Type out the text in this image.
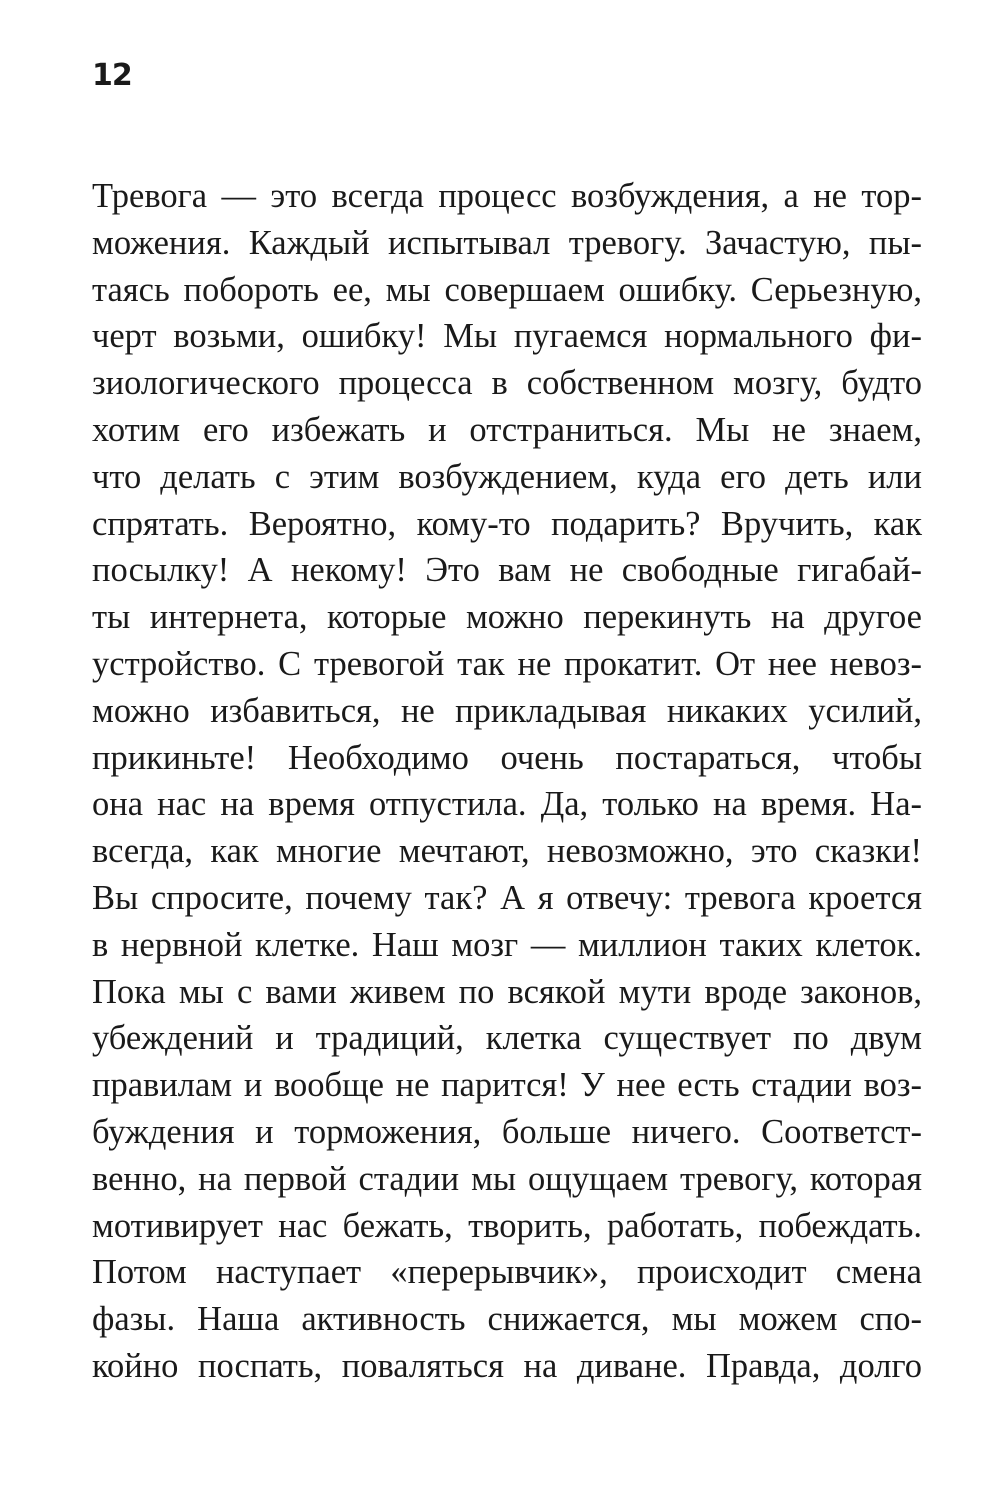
12
Тревога — это всегда процесс возбуждения, а не тор-
можения. Каждый испытывал тревогу. Зачастую, пы-
таясь побороть ее, мы совершаем ошибку. Серьезную,
черт возьми, ошибку! Мы пугаемся нормального фи-
зиологического процесса в собственном мозгу, будто
хотим его избежать и отстраниться. Мы не знаем,
что делать с этим возбуждением, куда его деть или
спрятать. Вероятно, кому-то подарить? Вручить, как
посылку! А некому! Это вам не свободные гигабай-
ты интернета, которые можно перекинуть на другое
устройство. С тревогой так не прокатит. От нее невоз-
можно избавиться, не прикладывая никаких усилий,
прикиньте! Необходимо очень постараться, чтобы
она нас на время отпустила. Да, только на время. На-
всегда, как многие мечтают, невозможно, это сказки!
Вы спросите, почему так? А я отвечу: тревога кроется
в нервной клетке. Наш мозг — миллион таких клеток.
Пока мы с вами живем по всякой мути вроде законов,
убеждений и традиций, клетка существует по двум
правилам и вообще не парится! У нее есть стадии воз-
буждения и торможения, больше ничего. Соответст-
венно, на первой стадии мы ощущаем тревогу, которая
мотивирует нас бежать, творить, работать, побеждать.
Потом наступает «перерывчик», происходит смена
фазы. Наша активность снижается, мы можем спо-
койно поспать, поваляться на диване. Правда, долго
